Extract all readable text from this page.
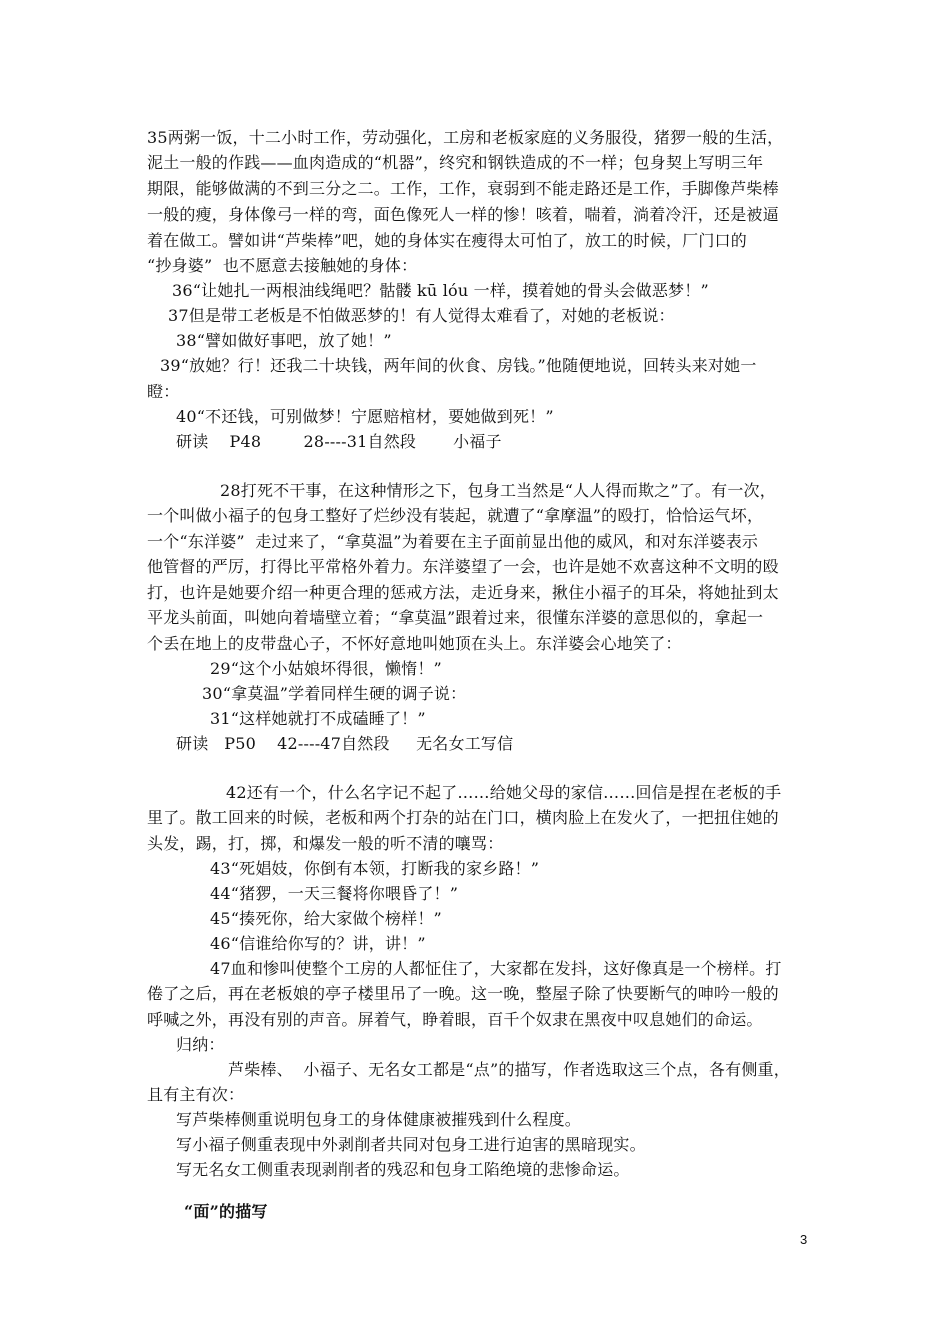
35两粥一饭，十二小时工作，劳动强化，工房和老板家庭的义务服役，猪猡一般的生活，
泥土一般的作践——血肉造成的“机器”，终究和钢铁造成的不一样；包身契上写明三年
期限，能够做满的不到三分之二。工作，工作，衰弱到不能走路还是工作，手脚像芦柴棒
一般的瘦，身体像弓一样的弯，面色像死人一样的惨！咳着，喘着，淌着冷汗，还是被逼
着在做工。譬如讲“芦柴棒”吧，她的身体实在瘦得太可怕了，放工的时候，厂门口的
“抄身婆”  也不愿意去接触她的身体：
36“让她扎一两根油线绳吧？骷髅 kū lóu 一样，摸着她的骨头会做恶梦！”
37但是带工老板是不怕做恶梦的！有人觉得太难看了，对她的老板说：
38“譬如做好事吧，放了她！”
39“放她？行！还我二十块钱，两年间的伙食、房钱。”他随便地说，回转头来对她一
瞪：
40“不还钱，可别做梦！宁愿赔棺材，要她做到死！”
研读    P48        28----31自然段       小福子
28打死不干事，在这种情形之下，包身工当然是“人人得而欺之”了。有一次，
一个叫做小福子的包身工整好了烂纱没有装起，就遭了“拿摩温”的殴打，恰恰运气坏，
一个“东洋婆”  走过来了，“拿莫温”为着要在主子面前显出他的威风，和对东洋婆表示
他管督的严厉，打得比平常格外着力。东洋婆望了一会，也许是她不欢喜这种不文明的殴
打，也许是她要介绍一种更合理的惩戒方法，走近身来，揪住小福子的耳朵，将她扯到太
平龙头前面，叫她向着墙壁立着；“拿莫温”跟着过来，很懂东洋婆的意思似的，拿起一
个丢在地上的皮带盘心子，不怀好意地叫她顶在头上。东洋婆会心地笑了：
29“这个小姑娘坏得很，懒惰！”
30“拿莫温”学着同样生硬的调子说：
31“这样她就打不成磕睡了！”
研读   P50    42----47自然段     无名女工写信
42还有一个，什么名字记不起了……给她父母的家信……回信是捏在老板的手
里了。散工回来的时候，老板和两个打杂的站在门口，横肉脸上在发火了，一把扭住她的
头发，踢，打，掷，和爆发一般的听不清的嚷骂：
43“死娼妓，你倒有本领，打断我的家乡路！”
44“猪猡，一天三餐将你喂昏了！”
45“揍死你，给大家做个榜样！”
46“信谁给你写的？讲，讲！”
47血和惨叫使整个工房的人都怔住了，大家都在发抖，这好像真是一个榜样。打
倦了之后，再在老板娘的亭子楼里吊了一晚。这一晚，整屋子除了快要断气的呻吟一般的
呼喊之外，再没有别的声音。屏着气，睁着眼，百千个奴隶在黑夜中叹息她们的命运。
归纳：
芦柴棒、  小福子、无名女工都是“点”的描写，作者选取这三个点，各有侧重，
且有主有次：
写芦柴棒侧重说明包身工的身体健康被摧残到什么程度。
写小福子侧重表现中外剥削者共同对包身工进行迫害的黑暗现实。
写无名女工侧重表现剥削者的残忍和包身工陷绝境的悲惨命运。
“面”的描写
3
